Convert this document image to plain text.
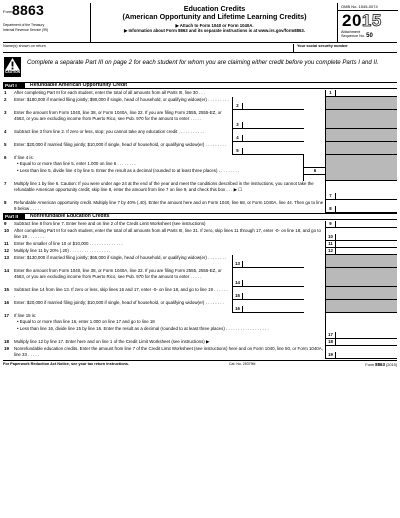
Form 8863
Department of the Treasury
Internal Revenue Service (99)
Education Credits
(American Opportunity and Lifetime Learning Credits)
▶ Attach to Form 1040 or Form 1040A.
▶ Information about Form 8863 and its separate instructions is at www.irs.gov/form8863.
OMB No. 1545-0074
2015
Attachment
Sequence No. 50
Name(s) shown on return	Your social security number
CAUTION
Complete a separate Part III on page 2 for each student for whom you are claiming either credit before you complete Parts I and II.
Part I	Refundable American Opportunity Credit
1 After completing Part III for each student, enter the total of all amounts from all Parts III, line 30 . . .	1
2 Enter: $180,000 if married filing jointly; $90,000 if single, head of household, or qualifying widow(er) . . . . . . . . .
2
3 Enter the amount from Form 1040, line 38, or Form 1040A, line 22. If you are filing Form 2555, 2555-EZ, or 4563, or you are excluding income from Puerto Rico, see Pub. 970 for the amount to enter . . . . .
3
4 Subtract line 3 from line 2. If zero or less, stop; you cannot take any education credit . . . . . . . . . . .
4
5 Enter: $20,000 if married filing jointly; $10,000 if single, head of household, or qualifying widow(er) . . . . . . . . .
5
6 If line 4 is:
• Equal to or more than line 5, enter 1.000 on line 6 . . . . . . . .
• Less than line 5, divide line 4 by line 5. Enter the result as a decimal (rounded to at least three places) . . . . . . . . .	6
7 Multiply line 1 by line 6. Caution: If you were under age 24 at the end of the year and meet the conditions described in the instructions, you cannot take the refundable American opportunity credit; skip line 8, enter the amount from line 7 on line 9, and check this box . . . ▶ ☐
7
8 Refundable American opportunity credit. Multiply line 7 by 40% (.40). Enter the amount here and on Form 1040, line 68, or Form 1040A, line 44. Then go to line 9 below . . . . .	8
Part II	Nonrefundable Education Credits
9 Subtract line 8 from line 7. Enter here and on line 2 of the Credit Limit Worksheet (see instructions)	9
10 After completing Part III for each student, enter the total of all amounts from all Parts III, line 31. If zero, skip lines 11 through 17, enter -0- on line 18, and go to line 19 . . . . . . .	10
11 Enter the smaller of line 10 or $10,000 . . . . . . . . . . . . . .	11
12 Multiply line 11 by 20% (.20) . . . . . . . . . . . . . . . . .	12
13 Enter: $130,000 if married filing jointly; $65,000 if single, head of household, or qualifying widow(er) . . . . . . . .
13
14 Enter the amount from Form 1040, line 38, or Form 1040A, line 22. If you are filing Form 2555, 2555-EZ, or 4563, or you are excluding income from Puerto Rico, see Pub. 970 for the amount to enter . . . . .
14
15 Subtract line 14 from line 13. If zero or less, skip lines 16 and 17, enter -0- on line 18, and go to line 19 . . . . . . .	15
16 Enter: $20,000 if married filing jointly; $10,000 if single, head of household, or qualifying widow(er) . . . . . . . .
16
17 If line 15 is:
• Equal to or more than line 16, enter 1.000 on line 17 and go to line 18
• Less than line 16, divide line 15 by line 16. Enter the result as a decimal (rounded to at least three places) . . . . . . . . . . . . . . . . . .
17
18 Multiply line 12 by line 17. Enter here and on line 1 of the Credit Limit Worksheet (see instructions) ▶	18
19 Nonrefundable education credits. Enter the amount from line 7 of the Credit Limit Worksheet (see instructions) here and on Form 1040, line 50, or Form 1040A, line 33 . . . . .	19
For Paperwork Reduction Act Notice, see your tax return instructions.	Cat. No. 25379M	Form 8863 (2015)
